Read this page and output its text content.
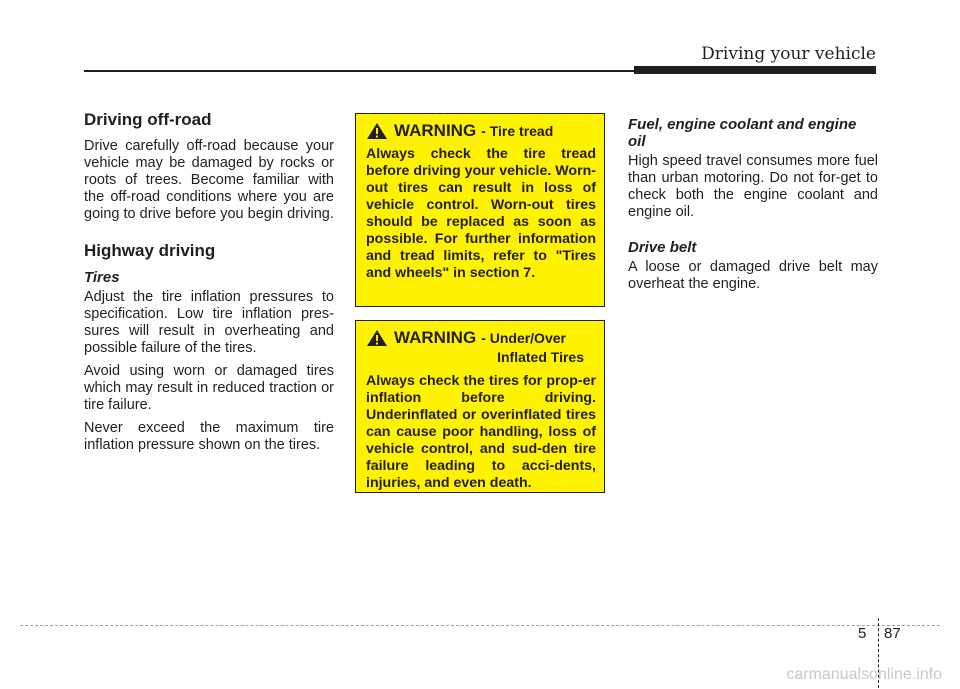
Driving your vehicle
Driving off-road

Drive carefully off-road because your vehicle may be damaged by rocks or roots of trees. Become familiar with the off-road conditions where you are going to drive before you begin driving.

Highway driving
Tires

Adjust the tire inflation pressures to specification. Low tire inflation pres-sures will result in overheating and possible failure of the tires.

Avoid using worn or damaged tires which may result in reduced traction or tire failure.

Never exceed the maximum tire inflation pressure shown on the tires.

WARNING - Tire tread

Always check the tire tread before driving your vehicle. Worn-out tires can result in loss of vehicle control. Worn-out tires should be replaced as soon as possible. For further information and tread limits, refer to "Tires and wheels" in section 7.

WARNING - Under/Over
Inflated Tires

Always check the tires for prop-er inflation before driving. Underinflated or overinflated tires can cause poor handling, loss of vehicle control, and sud-den tire failure leading to acci-dents, injuries, and even death.

Fuel, engine coolant and engine oil

High speed travel consumes more fuel than urban motoring. Do not for-get to check both the engine coolant and engine oil.

Drive belt

A loose or damaged drive belt may overheat the engine.

5 87
carmanualsonline.info
